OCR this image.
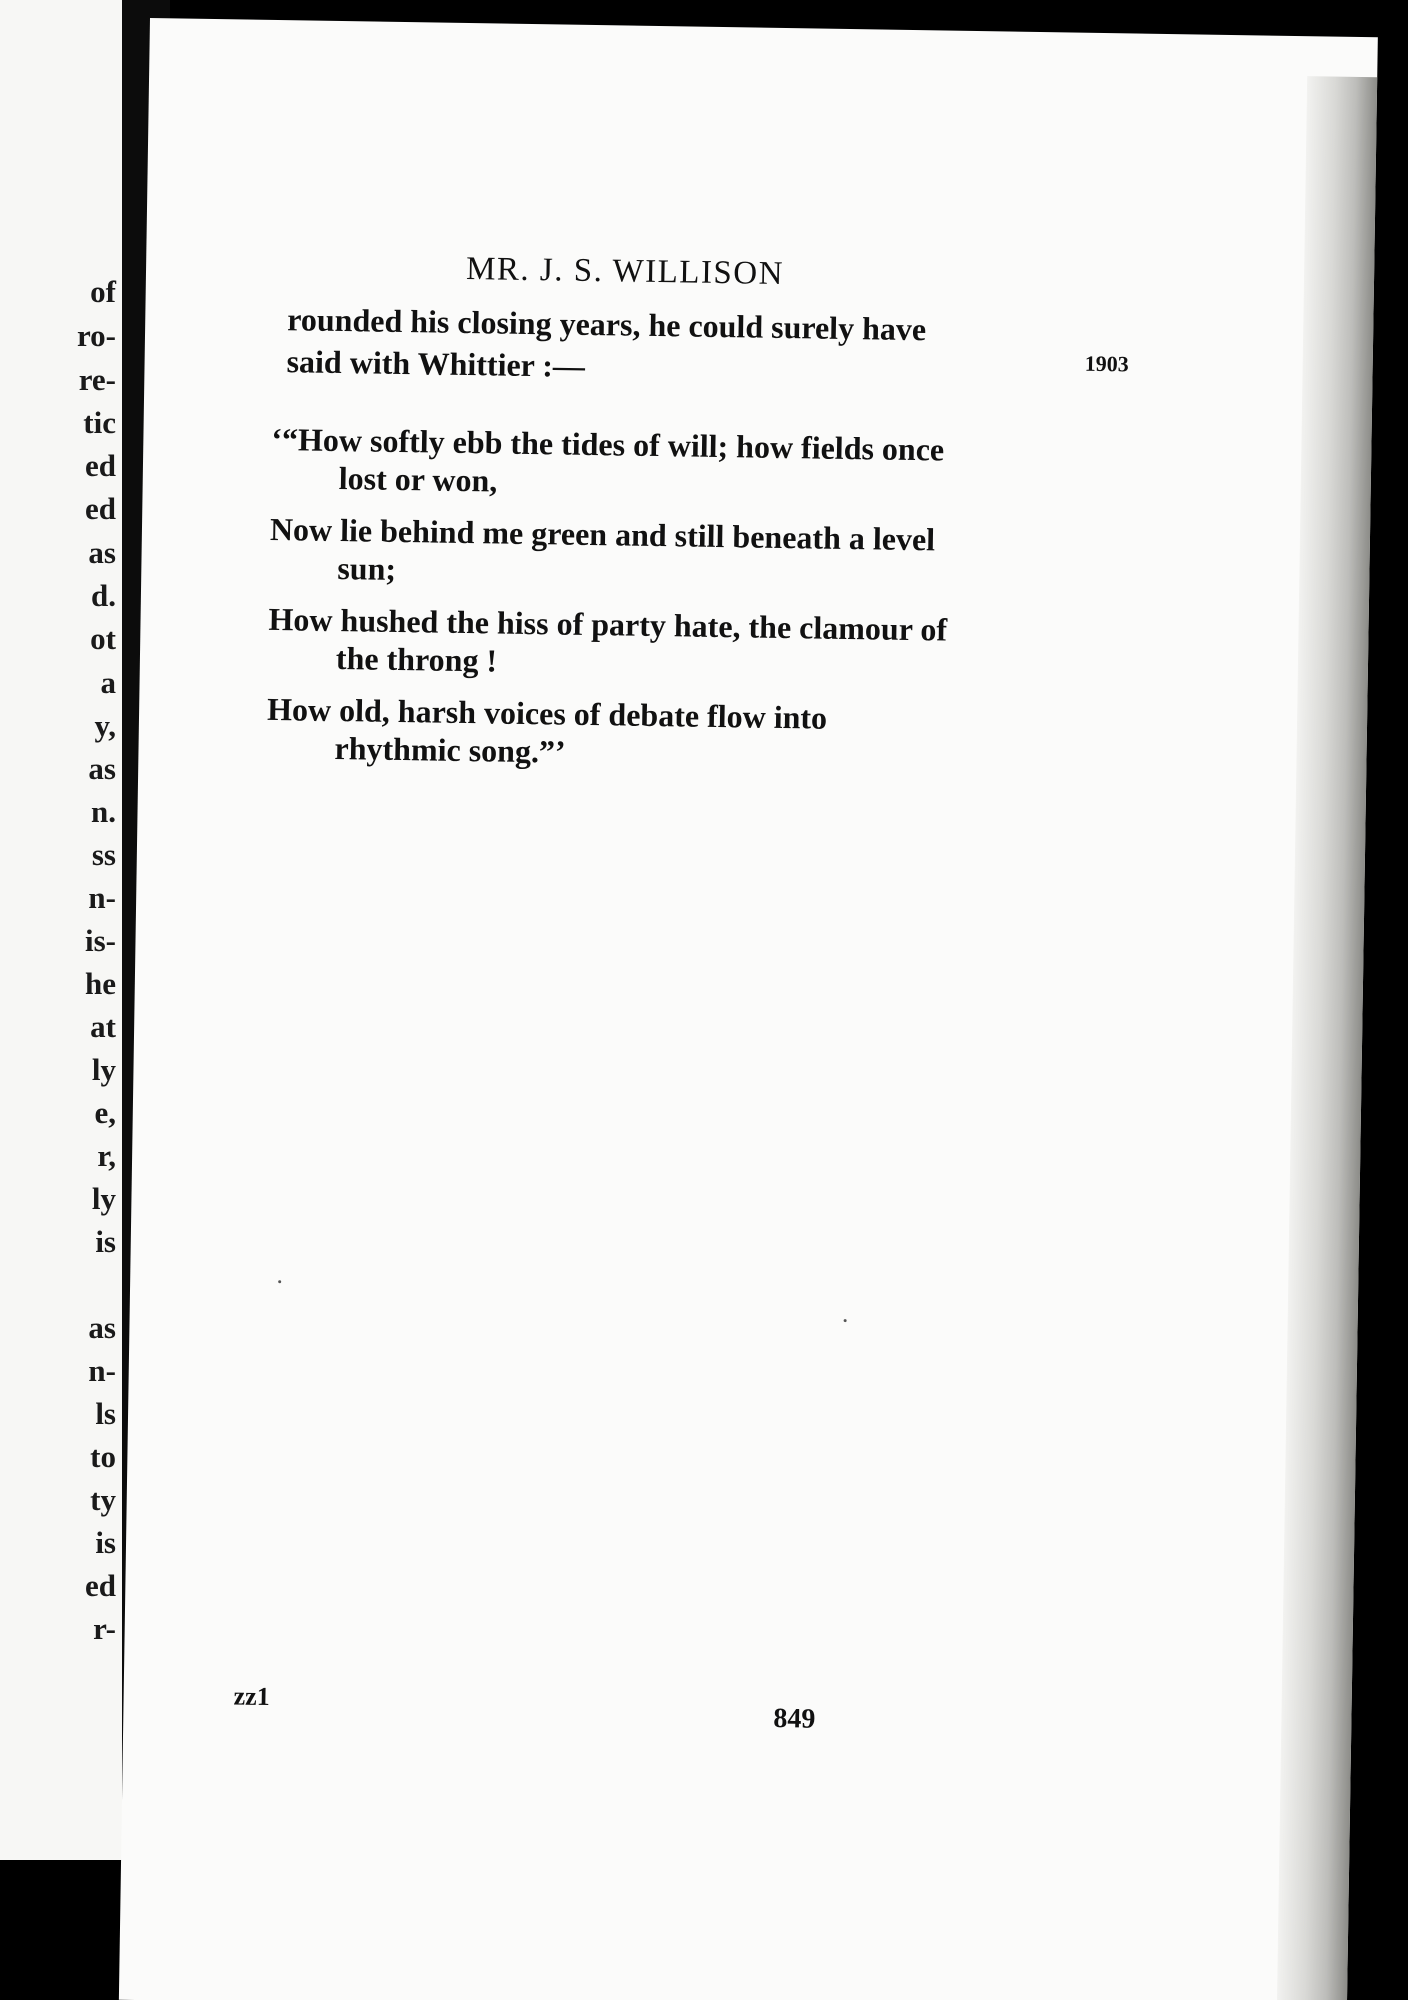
of
ro-
re-
tic
ed
ed
as
d.
ot
a
y,
as
n.
ss
n-
is-
he
at
ly
e,
r,
ly
is
as
n-
ls
to
ty
is
ed
r-
MR. J. S. WILLISON
rounded his closing years, he could surely have
said with Whittier :—	1903
‘“How softly ebb the tides of will; how fields once
lost or won,
Now lie behind me green and still beneath a level
sun;
How hushed the hiss of party hate, the clamour of
the throng !
How old, harsh voices of debate flow into
rhythmic song.”’
zz1
849
